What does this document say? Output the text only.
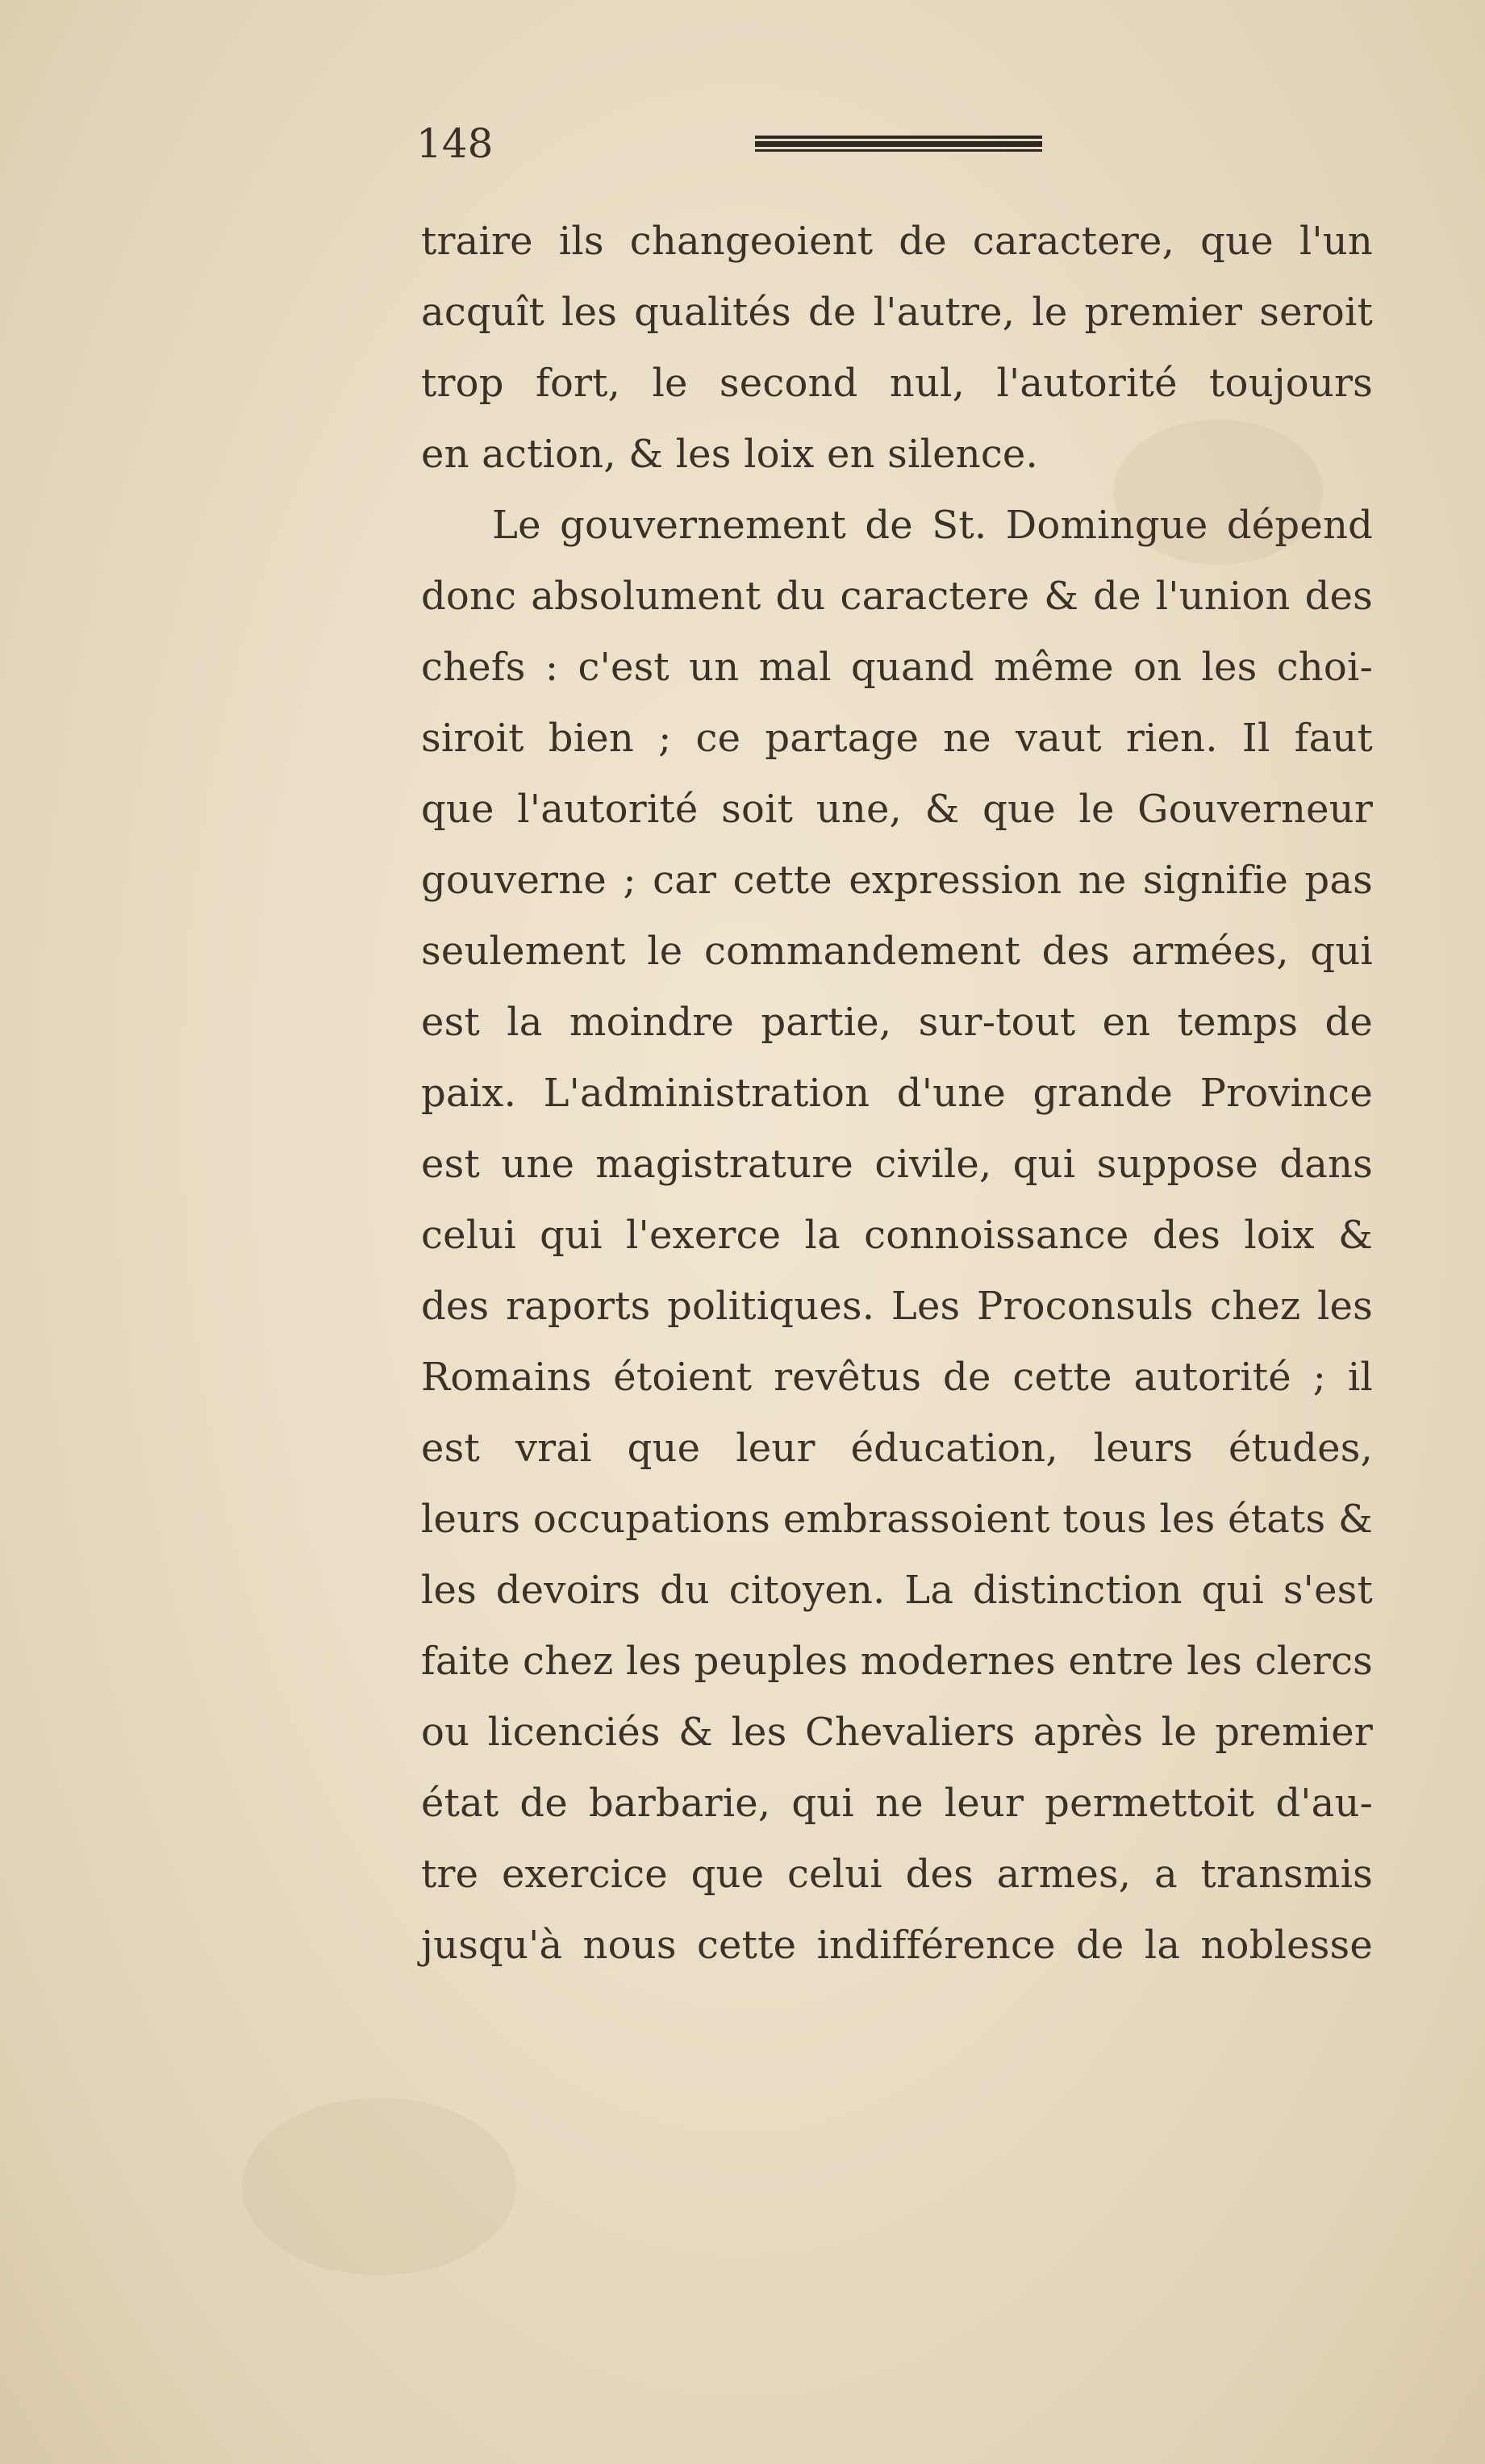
148
traire ils changeoient de caractere, que l'un
acquît les qualités de l'autre, le premier seroit
trop fort, le second nul, l'autorité toujours
en action, & les loix en silence.
Le gouvernement de St. Domingue dépend
donc absolument du caractere & de l'union des
chefs : c'est un mal quand même on les choi-
siroit bien ; ce partage ne vaut rien. Il faut
que l'autorité soit une, & que le Gouverneur
gouverne ; car cette expression ne signifie pas
seulement le commandement des armées, qui
est la moindre partie, sur-tout en temps de
paix. L'administration d'une grande Province
est une magistrature civile, qui suppose dans
celui qui l'exerce la connoissance des loix &
des raports politiques. Les Proconsuls chez les
Romains étoient revêtus de cette autorité ; il
est vrai que leur éducation, leurs études,
leurs occupations embrassoient tous les états &
les devoirs du citoyen. La distinction qui s'est
faite chez les peuples modernes entre les clercs
ou licenciés & les Chevaliers après le premier
état de barbarie, qui ne leur permettoit d'au-
tre exercice que celui des armes, a transmis
jusqu'à nous cette indifférence de la noblesse
